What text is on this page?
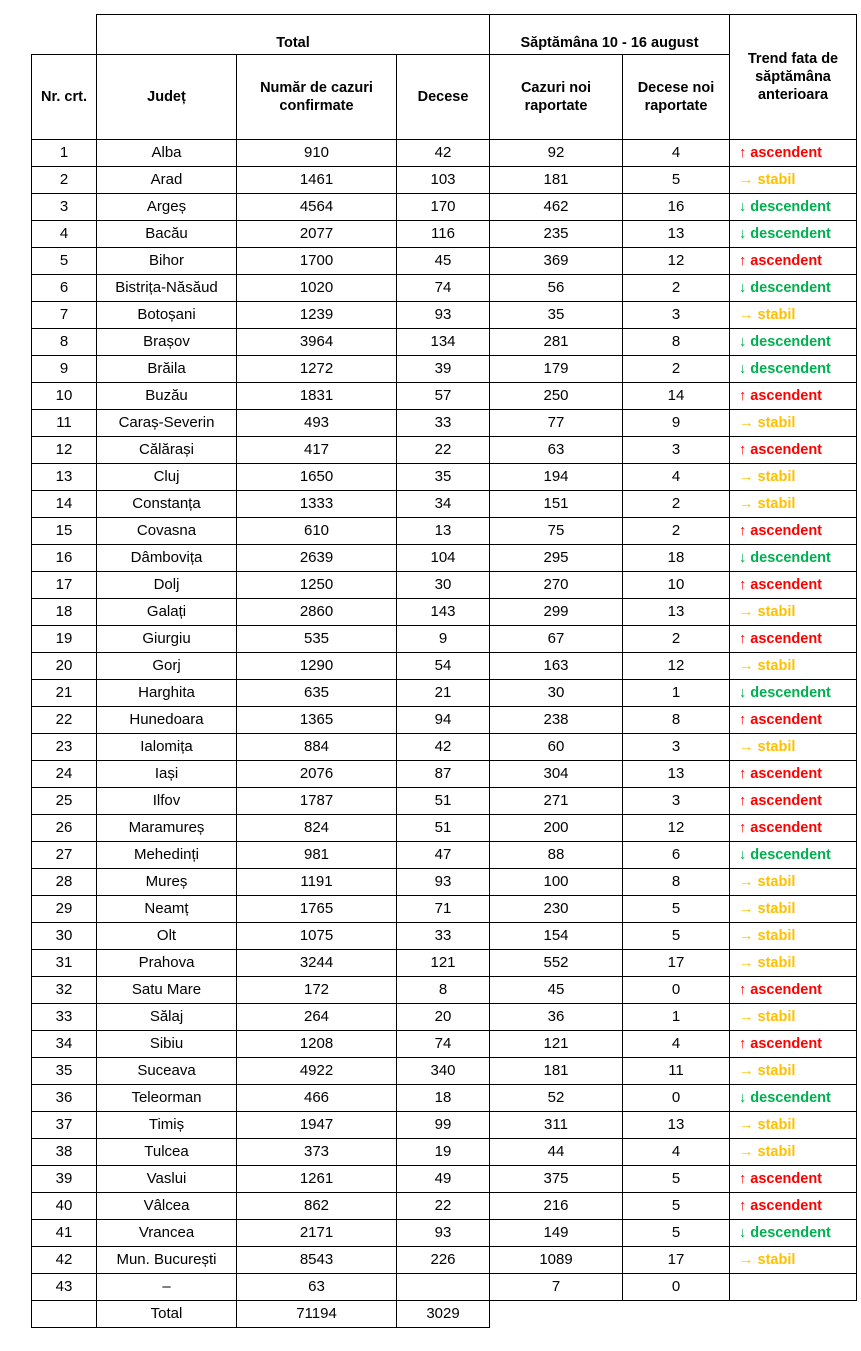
	Total			Săptămâna 10 - 16 august		Trend fata de săptămâna anterioara
Nr. crt.	Județ	Număr de cazuri confirmate	Decese	Cazuri noi raportate	Decese noi raportate	
1	Alba	910	42	92	4	↑ ascendent
2	Arad	1461	103	181	5	→ stabil
3	Argeș	4564	170	462	16	↓ descendent
4	Bacău	2077	116	235	13	↓ descendent
5	Bihor	1700	45	369	12	↑ ascendent
6	Bistrița-Năsăud	1020	74	56	2	↓ descendent
7	Botoșani	1239	93	35	3	→ stabil
8	Brașov	3964	134	281	8	↓ descendent
9	Brăila	1272	39	179	2	↓ descendent
10	Buzău	1831	57	250	14	↑ ascendent
11	Caraș-Severin	493	33	77	9	→ stabil
12	Călărași	417	22	63	3	↑ ascendent
13	Cluj	1650	35	194	4	→ stabil
14	Constanța	1333	34	151	2	→ stabil
15	Covasna	610	13	75	2	↑ ascendent
16	Dâmbovița	2639	104	295	18	↓ descendent
17	Dolj	1250	30	270	10	↑ ascendent
18	Galați	2860	143	299	13	→ stabil
19	Giurgiu	535	9	67	2	↑ ascendent
20	Gorj	1290	54	163	12	→ stabil
21	Harghita	635	21	30	1	↓ descendent
22	Hunedoara	1365	94	238	8	↑ ascendent
23	Ialomița	884	42	60	3	→ stabil
24	Iași	2076	87	304	13	↑ ascendent
25	Ilfov	1787	51	271	3	↑ ascendent
26	Maramureș	824	51	200	12	↑ ascendent
27	Mehedinți	981	47	88	6	↓ descendent
28	Mureș	1191	93	100	8	→ stabil
29	Neamț	1765	71	230	5	→ stabil
30	Olt	1075	33	154	5	→ stabil
31	Prahova	3244	121	552	17	→ stabil
32	Satu Mare	172	8	45	0	↑ ascendent
33	Sălaj	264	20	36	1	→ stabil
34	Sibiu	1208	74	121	4	↑ ascendent
35	Suceava	4922	340	181	11	→ stabil
36	Teleorman	466	18	52	0	↓ descendent
37	Timiș	1947	99	311	13	→ stabil
38	Tulcea	373	19	44	4	→ stabil
39	Vaslui	1261	49	375	5	↑ ascendent
40	Vâlcea	862	22	216	5	↑ ascendent
41	Vrancea	2171	93	149	5	↓ descendent
42	Mun. București	8543	226	1089	17	→ stabil
43	–	63		7	0	
	Total	71194	3029			
